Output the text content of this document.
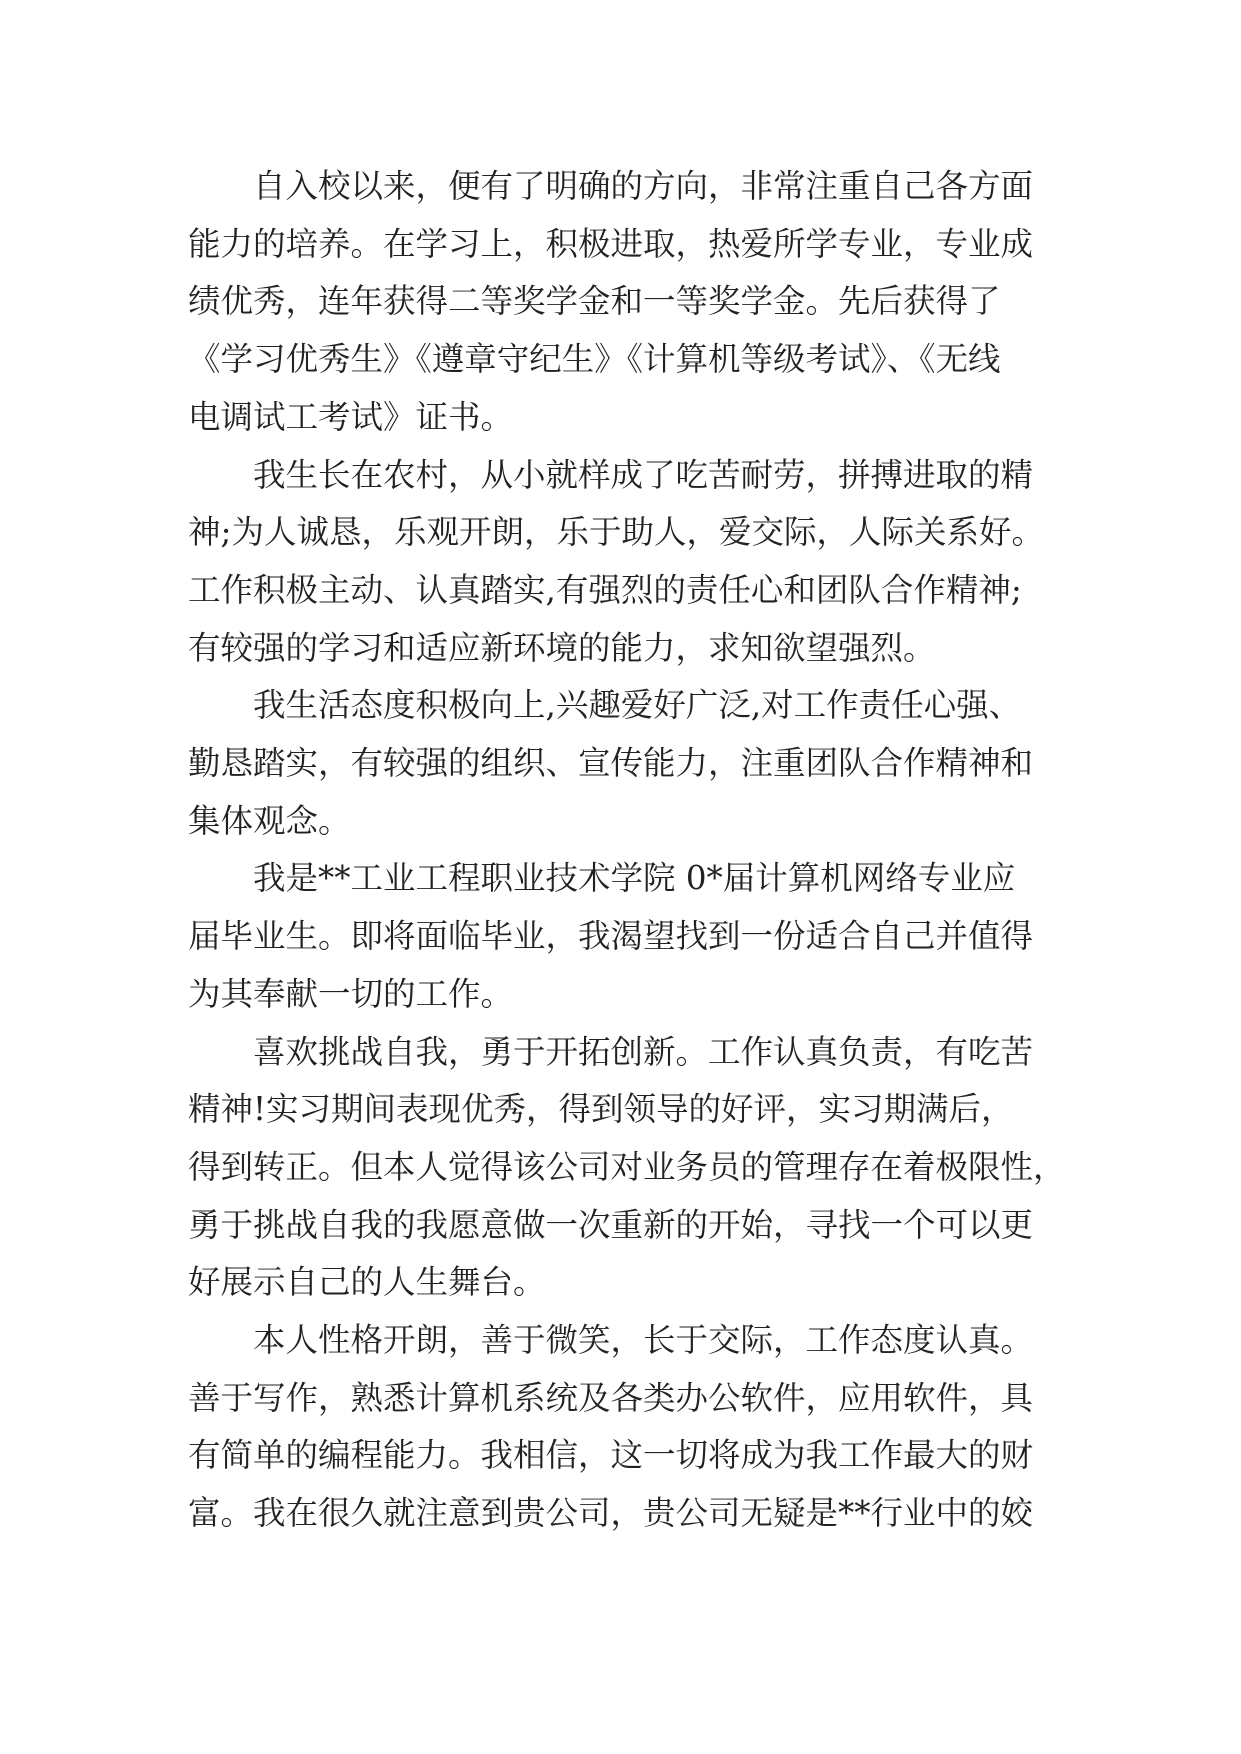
自入校以来，便有了明确的方向，非常注重自己各方面
能力的培养。在学习上，积极进取，热爱所学专业，专业成
绩优秀，连年获得二等奖学金和一等奖学金。先后获得了
《学习优秀生》《遵章守纪生》《计算机等级考试》、《无线
电调试工考试》证书。
我生长在农村，从小就样成了吃苦耐劳，拼搏进取的精
神;为人诚恳，乐观开朗，乐于助人，爱交际，人际关系好。
工作积极主动、认真踏实,有强烈的责任心和团队合作精神;
有较强的学习和适应新环境的能力，求知欲望强烈。
我生活态度积极向上,兴趣爱好广泛,对工作责任心强、
勤恳踏实，有较强的组织、宣传能力，注重团队合作精神和
集体观念。
我是**工业工程职业技术学院 0*届计算机网络专业应
届毕业生。即将面临毕业，我渴望找到一份适合自己并值得
为其奉献一切的工作。
喜欢挑战自我，勇于开拓创新。工作认真负责，有吃苦
精神!实习期间表现优秀，得到领导的好评，实习期满后，
得到转正。但本人觉得该公司对业务员的管理存在着极限性，
勇于挑战自我的我愿意做一次重新的开始，寻找一个可以更
好展示自己的人生舞台。
本人性格开朗，善于微笑，长于交际，工作态度认真。
善于写作，熟悉计算机系统及各类办公软件，应用软件，具
有简单的编程能力。我相信，这一切将成为我工作最大的财
富。我在很久就注意到贵公司，贵公司无疑是**行业中的姣
